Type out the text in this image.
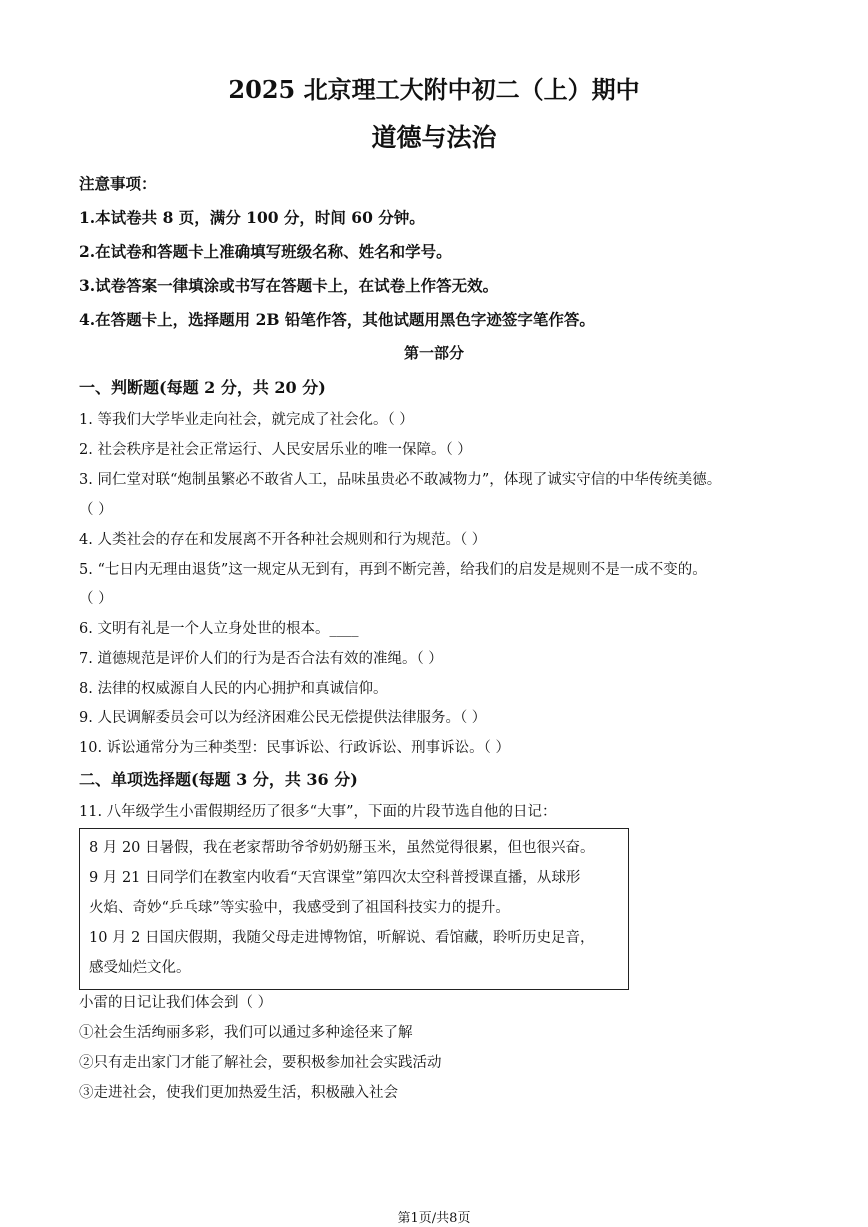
2025 北京理工大附中初二（上）期中
道德与法治
注意事项：
1.本试卷共 8 页，满分 100 分，时间 60 分钟。
2.在试卷和答题卡上准确填写班级名称、姓名和学号。
3.试卷答案一律填涂或书写在答题卡上，在试卷上作答无效。
4.在答题卡上，选择题用 2B 铅笔作答，其他试题用黑色字迹签字笔作答。
第一部分
一、判断题(每题 2 分，共 20 分)
1. 等我们大学毕业走向社会，就完成了社会化。（ ）
2. 社会秩序是社会正常运行、人民安居乐业的唯一保障。（ ）
3. 同仁堂对联“炮制虽繁必不敢省人工，品味虽贵必不敢减物力”，体现了诚实守信的中华传统美德。
（ ）
4. 人类社会的存在和发展离不开各种社会规则和行为规范。（ ）
5. “七日内无理由退货”这一规定从无到有，再到不断完善，给我们的启发是规则不是一成不变的。
（ ）
6. 文明有礼是一个人立身处世的根本。____
7. 道德规范是评价人们的行为是否合法有效的准绳。（ ）
8. 法律的权威源自人民的内心拥护和真诚信仰。
9. 人民调解委员会可以为经济困难公民无偿提供法律服务。（ ）
10. 诉讼通常分为三种类型：民事诉讼、行政诉讼、刑事诉讼。（ ）
二、单项选择题(每题 3 分，共 36 分)
11. 八年级学生小雷假期经历了很多“大事”，下面的片段节选自他的日记：
8 月 20 日暑假，我在老家帮助爷爷奶奶掰玉米，虽然觉得很累，但也很兴奋。
9 月 21 日同学们在教室内收看“天宫课堂”第四次太空科普授课直播，从球形
火焰、奇妙“乒乓球”等实验中，我感受到了祖国科技实力的提升。
10 月 2 日国庆假期，我随父母走进博物馆，听解说、看馆藏，聆听历史足音，
感受灿烂文化。
小雷的日记让我们体会到（ ）
①社会生活绚丽多彩，我们可以通过多种途径来了解
②只有走出家门才能了解社会，要积极参加社会实践活动
③走进社会，使我们更加热爱生活，积极融入社会
第1页/共8页
